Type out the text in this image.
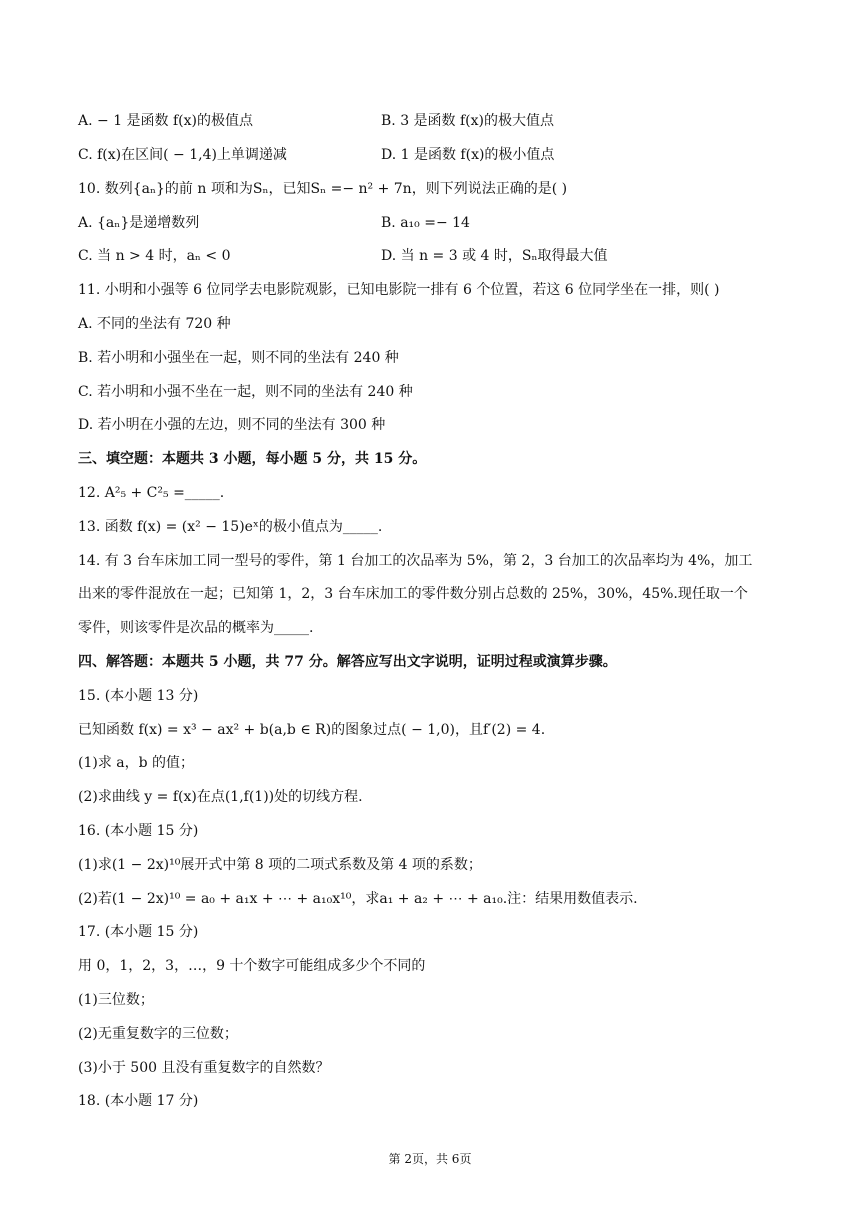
A. − 1 是函数 f(x)的极值点	B. 3 是函数 f(x)的极大值点
C. f(x)在区间( − 1,4)上单调递减	D. 1 是函数 f(x)的极小值点
10. 数列{aₙ}的前 n 项和为Sₙ，已知Sₙ =− n² + 7n，则下列说法正确的是( )
A. {aₙ}是递增数列	B. a₁₀ =− 14
C. 当 n > 4 时，aₙ < 0	D. 当 n = 3 或 4 时，Sₙ取得最大值
11. 小明和小强等 6 位同学去电影院观影，已知电影院一排有 6 个位置，若这 6 位同学坐在一排，则( )
A. 不同的坐法有 720 种
B. 若小明和小强坐在一起，则不同的坐法有 240 种
C. 若小明和小强不坐在一起，则不同的坐法有 240 种
D. 若小明在小强的左边，则不同的坐法有 300 种
三、填空题：本题共 3 小题，每小题 5 分，共 15 分。
12. A²₅ + C²₅ =_____.
13. 函数 f(x) = (x² − 15)eˣ的极小值点为_____.
14. 有 3 台车床加工同一型号的零件，第 1 台加工的次品率为 5%，第 2，3 台加工的次品率均为 4%，加工
出来的零件混放在一起；已知第 1，2，3 台车床加工的零件数分别占总数的 25%，30%，45%.现任取一个
零件，则该零件是次品的概率为_____.
四、解答题：本题共 5 小题，共 77 分。解答应写出文字说明，证明过程或演算步骤。
15. (本小题 13 分)
已知函数 f(x) = x³ − ax² + b(a,b ∈ R)的图象过点( − 1,0)，且f′(2) = 4.
(1)求 a，b 的值；
(2)求曲线 y = f(x)在点(1,f(1))处的切线方程.
16. (本小题 15 分)
(1)求(1 − 2x)¹⁰展开式中第 8 项的二项式系数及第 4 项的系数；
(2)若(1 − 2x)¹⁰ = a₀ + a₁x + ⋯ + a₁₀x¹⁰，求a₁ + a₂ + ⋯ + a₁₀.注：结果用数值表示.
17. (本小题 15 分)
用 0，1，2，3，…，9 十个数字可能组成多少个不同的
(1)三位数；
(2)无重复数字的三位数；
(3)小于 500 且没有重复数字的自然数？
18. (本小题 17 分)
第 2页，共 6页
